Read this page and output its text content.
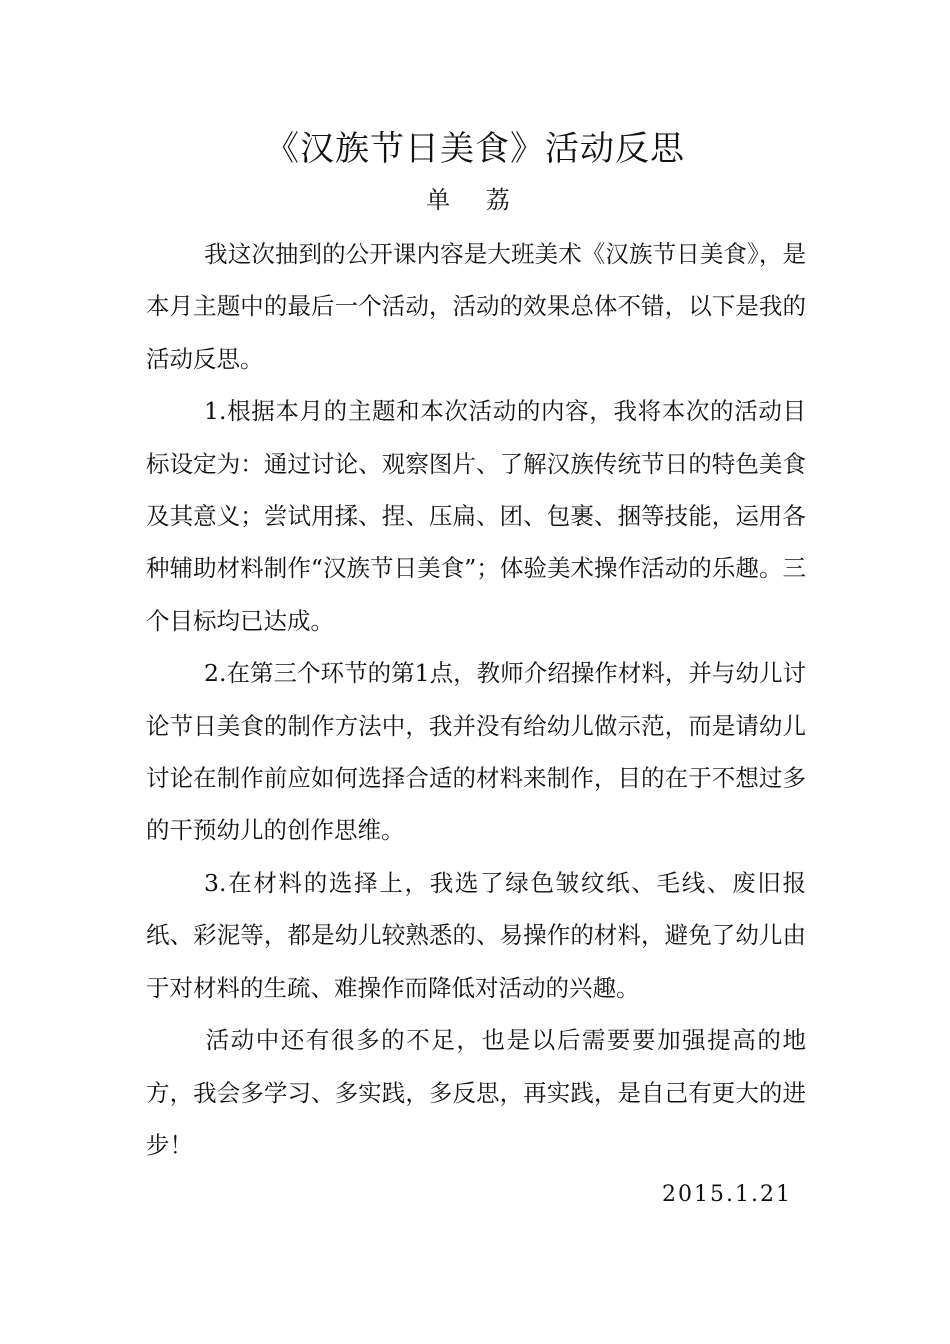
《汉族节日美食》活动反思
单 荔

我这次抽到的公开课内容是大班美术《汉族节日美食》，是本月主题中的最后一个活动，活动的效果总体不错，以下是我的活动反思。

1.根据本月的主题和本次活动的内容，我将本次的活动目标设定为：通过讨论、观察图片、了解汉族传统节日的特色美食及其意义；尝试用揉、捏、压扁、团、包裹、捆等技能，运用各种辅助材料制作“汉族节日美食”；体验美术操作活动的乐趣。三个目标均已达成。

2.在第三个环节的第1点，教师介绍操作材料，并与幼儿讨论节日美食的制作方法中，我并没有给幼儿做示范，而是请幼儿讨论在制作前应如何选择合适的材料来制作，目的在于不想过多的干预幼儿的创作思维。

3.在材料的选择上，我选了绿色皱纹纸、毛线、废旧报纸、彩泥等，都是幼儿较熟悉的、易操作的材料，避免了幼儿由于对材料的生疏、难操作而降低对活动的兴趣。

活动中还有很多的不足，也是以后需要要加强提高的地方，我会多学习、多实践，多反思，再实践，是自己有更大的进步！

2015.1.21
